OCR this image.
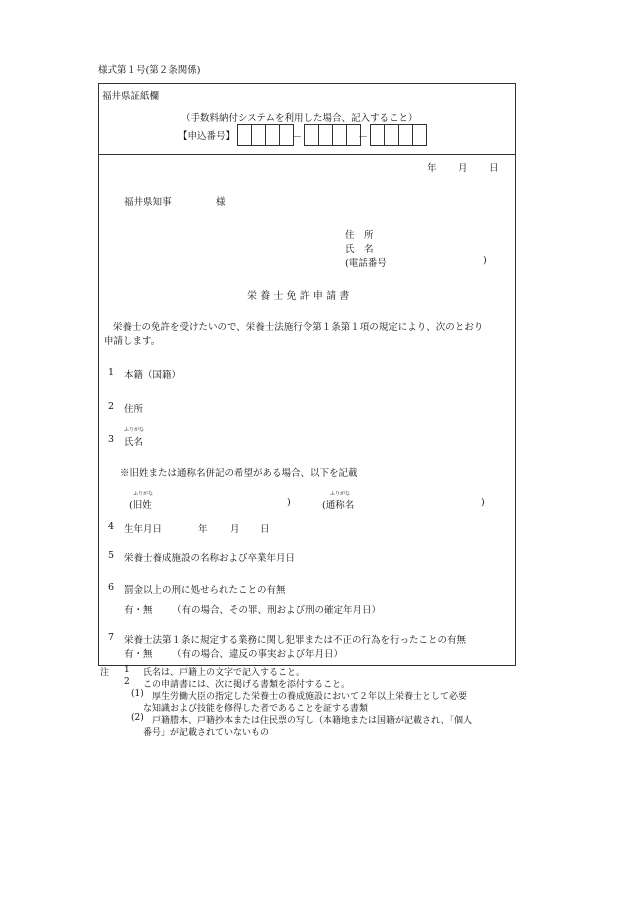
様式第１号(第２条関係)
福井県証紙欄
（手数料納付システムを利用した場合、記入すること）
【申込番号】	－	－
年 月 日
福井県知事	様
住　所
氏　名
(電話番号	)
栄 養 士 免 許 申 請 書
栄養士の免許を受けたいので、栄養士法施行令第１条第１項の規定により、次のとおり
申請します。
1 本籍（国籍）
2 住所
ふりがな
3 氏名
※旧姓または通称名併記の希望がある場合、以下を記載
ふりがな
(旧姓	)
ふりがな
(通称名	)
4 生年月日	年 月 日
5 栄養士養成施設の名称および卒業年月日
6 罰金以上の刑に処せられたことの有無
有・無 （有の場合、その罪、刑および刑の確定年月日）
7 栄養士法第１条に規定する業務に関し犯罪または不正の行為を行ったことの有無
有・無 （有の場合、違反の事実および年月日）
注 1 氏名は、戸籍上の文字で記入すること。
2 この申請書には、次に掲げる書類を添付すること。
(1) 厚生労働大臣の指定した栄養士の養成施設において２年以上栄養士として必要
な知識および技能を修得した者であることを証する書類
(2) 戸籍謄本、戸籍抄本または住民票の写し（本籍地または国籍が記載され、「個人
番号」が記載されていないもの
